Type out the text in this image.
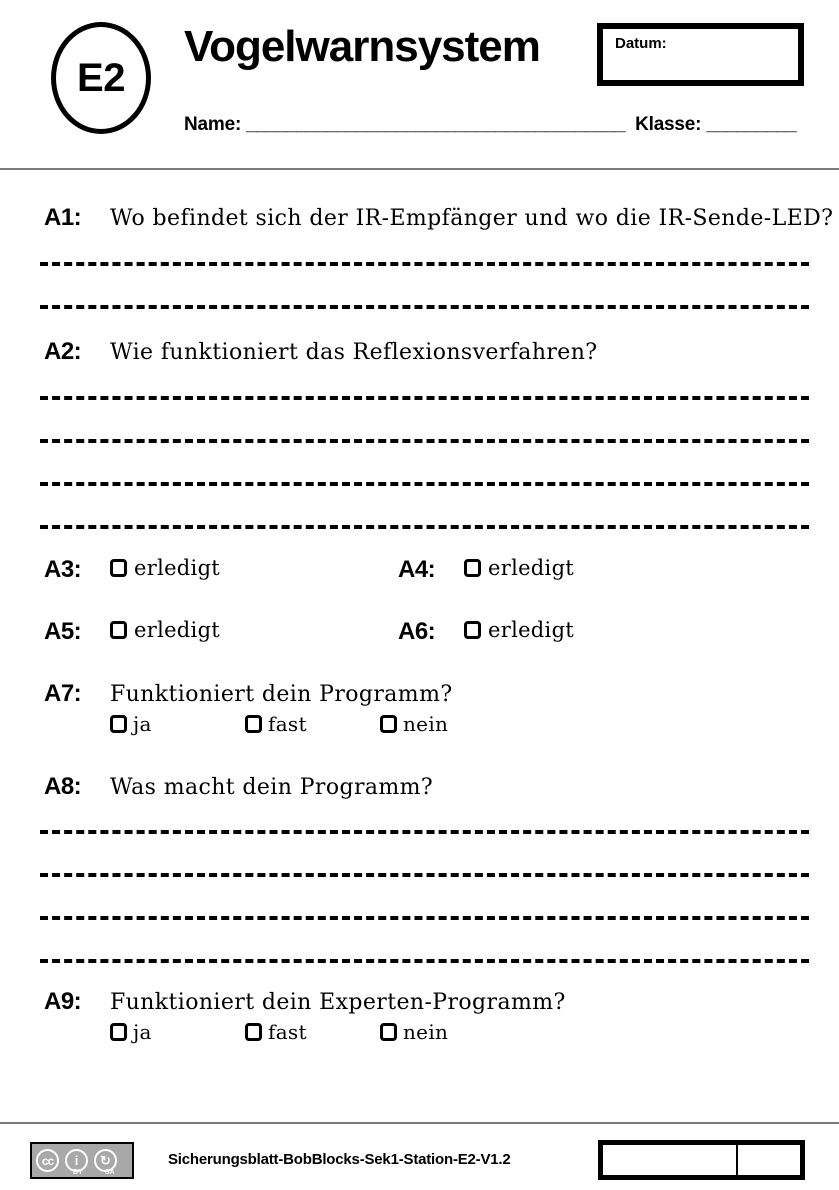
E2
Vogelwarnsystem	Datum:
Name: ______________________________________ Klasse: _________
A1:	Wo befindet sich der IR-Empfänger und wo die IR-Sende-LED?
A2:	Wie funktioniert das Reflexionsverfahren?
A3:	erledigt	A4:	erledigt
A5:	erledigt	A6:	erledigt
A7:	Funktioniert dein Programm?
ja	fast	nein
A8:	Was macht dein Programm?
A9:	Funktioniert dein Experten-Programm?
ja	fast	nein
cc	i	↻
BY	SA
Sicherungsblatt-BobBlocks-Sek1-Station-E2-V1.2
